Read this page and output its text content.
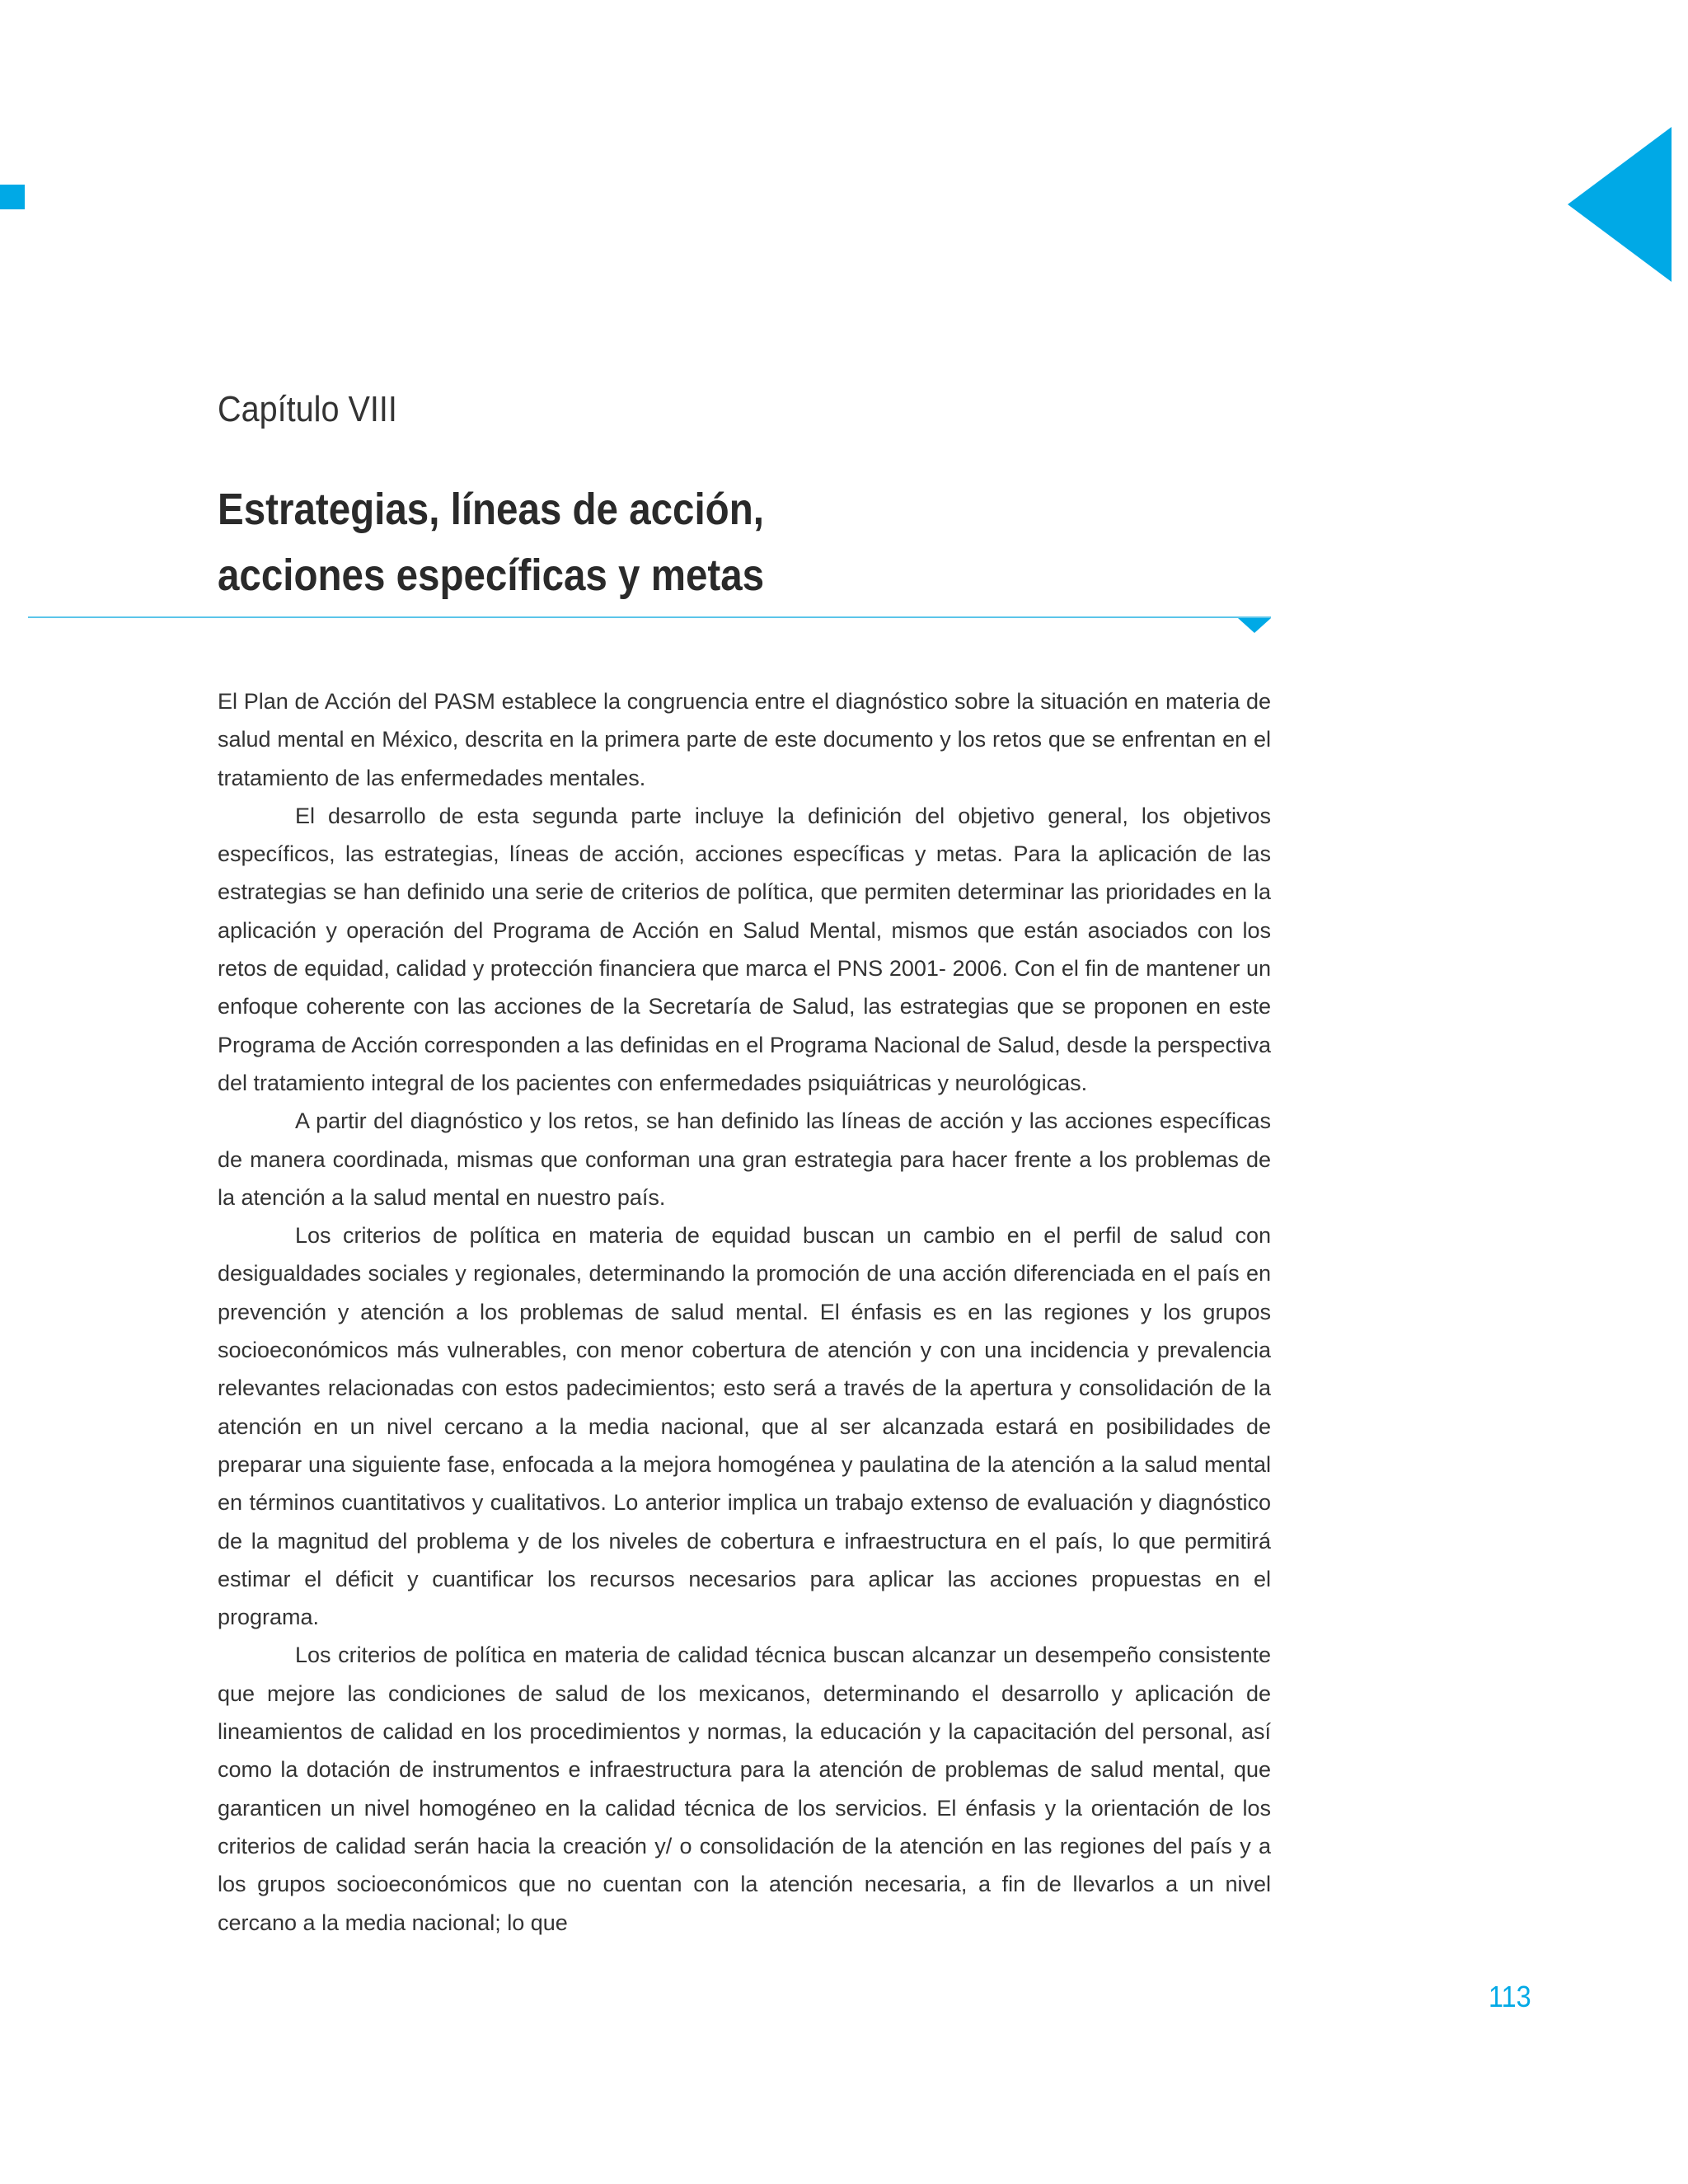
Capítulo VIII
Estrategias, líneas de acción,
acciones específicas y metas

El Plan de Acción del PASM establece la congruencia entre el diagnóstico sobre la situación en materia de salud mental en México, descrita en la primera parte de este documento y los retos que se enfrentan en el tratamiento de las enfermedades mentales.

El desarrollo de esta segunda parte incluye la definición del objetivo general, los objetivos específicos, las estrategias, líneas de acción, acciones específicas y metas. Para la aplicación de las estrategias se han definido una serie de criterios de política, que permiten determinar las prioridades en la aplicación y operación del Programa de Acción en Salud Mental, mismos que están asociados con los retos de equidad, calidad y protección financiera que marca el PNS 2001- 2006. Con el fin de mantener un enfoque coherente con las acciones de la Secretaría de Salud, las estrategias que se proponen en este Programa de Acción corresponden a las definidas en el Programa Nacional de Salud, desde la perspectiva del tratamiento integral de los pacientes con enfermedades psiquiátricas y neurológicas.

A partir del diagnóstico y los retos, se han definido las líneas de acción y las acciones específicas de manera coordinada, mismas que conforman una gran estrategia para hacer frente a los problemas de la atención a la salud mental en nuestro país.

Los criterios de política en materia de equidad buscan un cambio en el perfil de salud con desigualdades sociales y regionales, determinando la promoción de una acción diferenciada en el país en prevención y atención a los problemas de salud mental. El énfasis es en las regiones y los grupos socioeconómicos más vulnerables, con menor cobertura de atención y con una incidencia y prevalencia relevantes relacionadas con estos padecimientos; esto será a través de la apertura y consolidación de la atención en un nivel cercano a la media nacional, que al ser alcanzada estará en posibilidades de preparar una siguiente fase, enfocada a la mejora homogénea y paulatina de la atención a la salud mental en términos cuantitativos y cualitativos. Lo anterior implica un trabajo extenso de evaluación y diagnóstico de la magnitud del problema y de los niveles de cobertura e infraestructura en el país, lo que permitirá estimar el déficit y cuantificar los recursos necesarios para aplicar las acciones propuestas en el programa.

Los criterios de política en materia de calidad técnica buscan alcanzar un desempeño consistente que mejore las condiciones de salud de los mexicanos, determinando el desarrollo y aplicación de lineamientos de calidad en los procedimientos y normas, la educación y la capacitación del personal, así como la dotación de instrumentos e infraestructura para la atención de problemas de salud mental, que garanticen un nivel homogéneo en la calidad técnica de los servicios. El énfasis y la orientación de los criterios de calidad serán hacia la creación y/ o consolidación de la atención en las regiones del país y a los grupos socioeconómicos que no cuentan con la atención necesaria, a fin de llevarlos a un nivel cercano a la media nacional; lo que

113
